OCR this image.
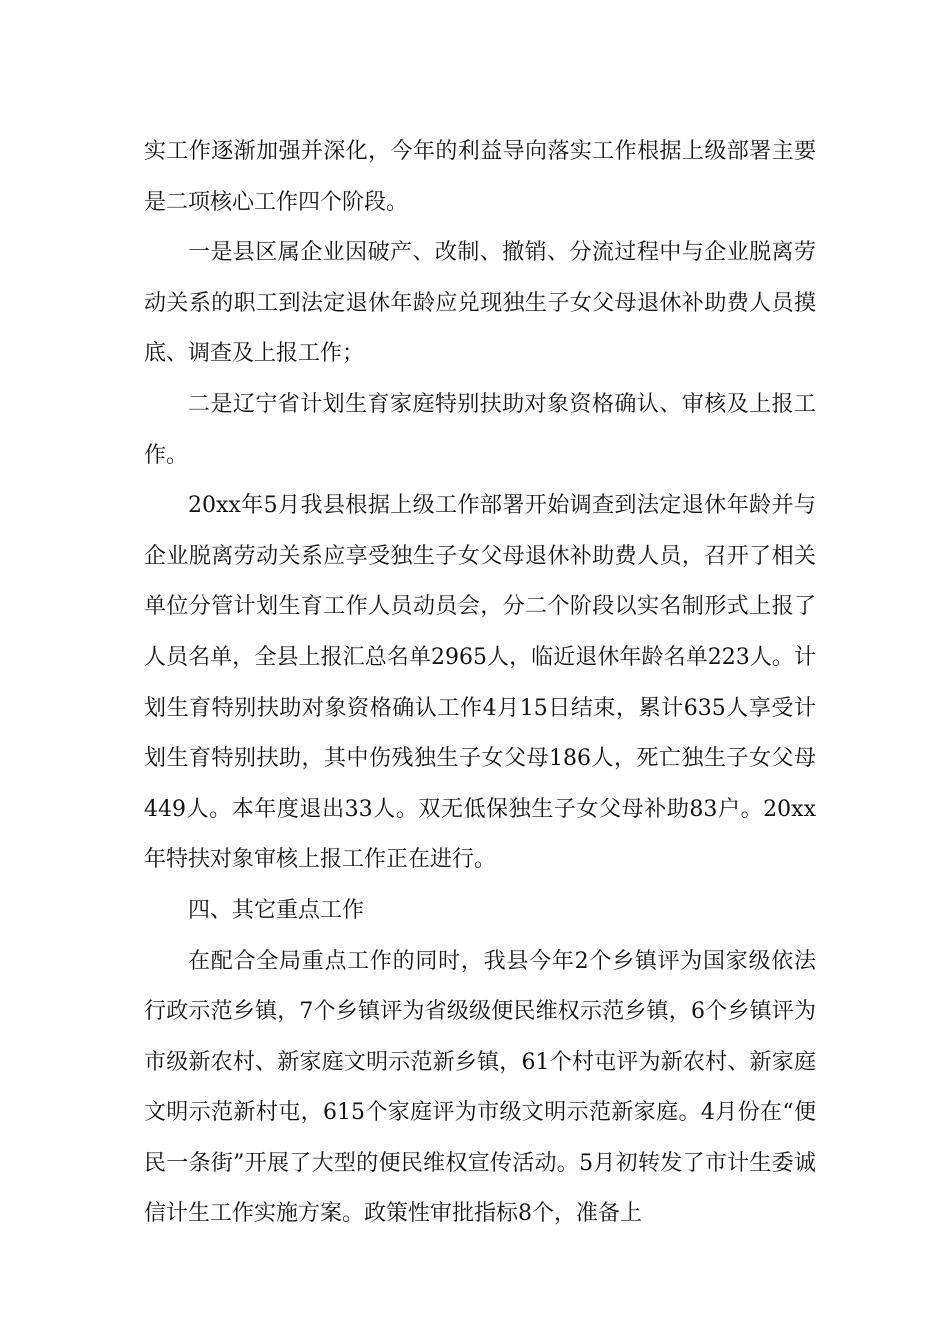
实工作逐渐加强并深化，今年的利益导向落实工作根据上级部署主要是二项核心工作四个阶段。

一是县区属企业因破产、改制、撤销、分流过程中与企业脱离劳动关系的职工到法定退休年龄应兑现独生子女父母退休补助费人员摸底、调查及上报工作；

二是辽宁省计划生育家庭特别扶助对象资格确认、审核及上报工作。

20xx年5月我县根据上级工作部署开始调查到法定退休年龄并与企业脱离劳动关系应享受独生子女父母退休补助费人员，召开了相关单位分管计划生育工作人员动员会，分二个阶段以实名制形式上报了人员名单，全县上报汇总名单2965人，临近退休年龄名单223人。计划生育特别扶助对象资格确认工作4月15日结束，累计635人享受计划生育特别扶助，其中伤残独生子女父母186人，死亡独生子女父母449人。本年度退出33人。双无低保独生子女父母补助83户。20xx年特扶对象审核上报工作正在进行。

四、其它重点工作

在配合全局重点工作的同时，我县今年2个乡镇评为国家级依法行政示范乡镇，7个乡镇评为省级级便民维权示范乡镇，6个乡镇评为市级新农村、新家庭文明示范新乡镇，61个村屯评为新农村、新家庭文明示范新村屯，615个家庭评为市级文明示范新家庭。4月份在“便民一条街”开展了大型的便民维权宣传活动。5月初转发了市计生委诚信计生工作实施方案。政策性审批指标8个，准备上
